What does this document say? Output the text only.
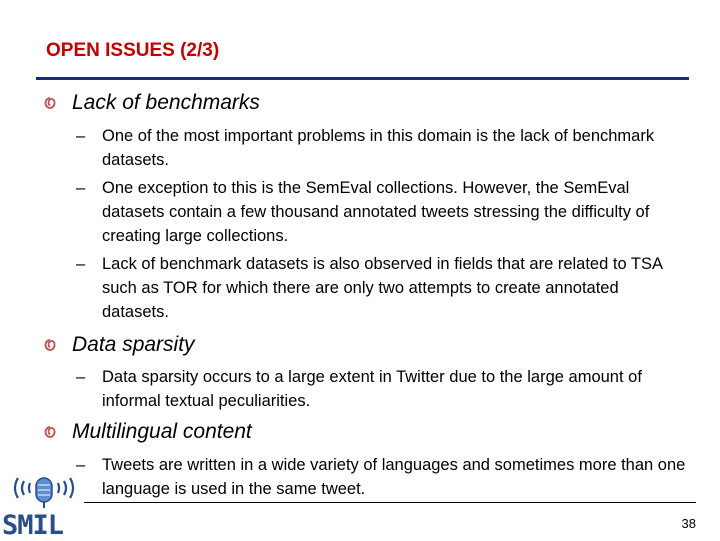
OPEN ISSUES (2/3)
Lack of benchmarks
–	One of the most important problems in this domain is the lack of benchmark datasets.
–	One exception to this is the SemEval collections. However, the SemEval datasets contain a few thousand annotated tweets stressing the difficulty of creating large collections.
–	Lack of benchmark datasets is also observed in fields that are related to TSA such as TOR for which there are only two attempts to create annotated datasets.
Data sparsity
–	Data sparsity occurs to a large extent in Twitter due to the large amount of informal textual peculiarities.
Multilingual content
–	Tweets are written in a wide variety of languages and sometimes more than one language is used in the same tweet.
SMIL	38
